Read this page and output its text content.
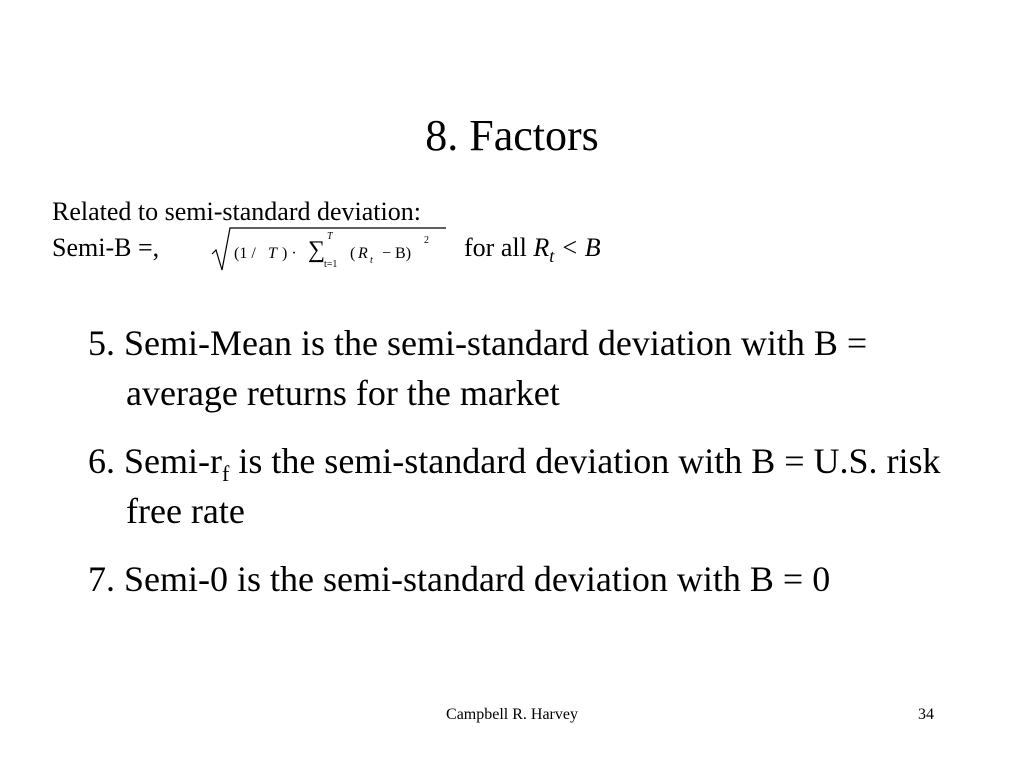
8. Factors
Related to semi-standard deviation:
Semi-B =,	(1 / T ) · ∑
T
t=1
( R t − B)
2 for all $R_t < B$
5. Semi-Mean is the semi-standard deviation with B = average returns for the market
6. Semi-$r_f$ is the semi-standard deviation with B = U.S. risk free rate
7. Semi-0 is the semi-standard deviation with B = 0
Campbell R. Harvey	34
